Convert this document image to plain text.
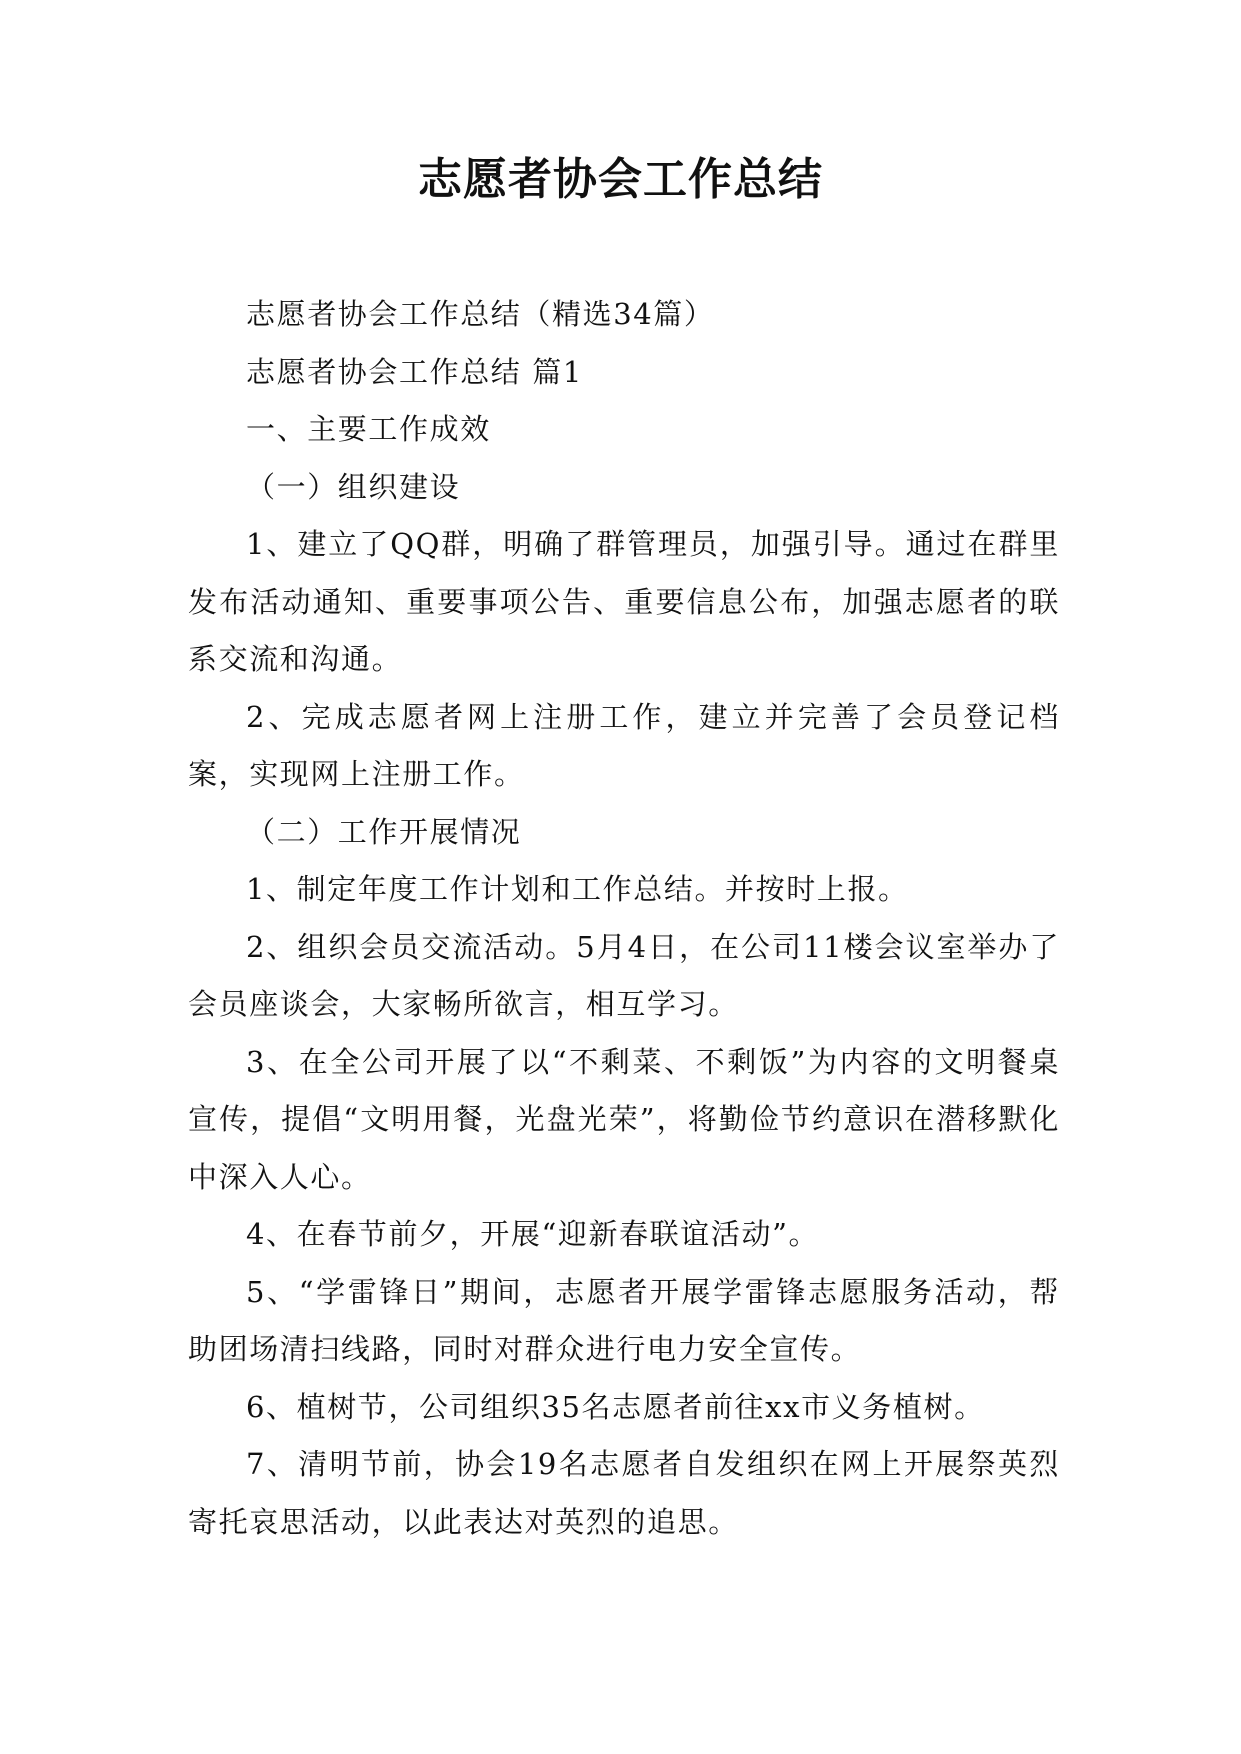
志愿者协会工作总结

志愿者协会工作总结（精选34篇）

志愿者协会工作总结 篇1

一、主要工作成效

（一）组织建设

1、建立了QQ群，明确了群管理员，加强引导。通过在群里发布活动通知、重要事项公告、重要信息公布，加强志愿者的联系交流和沟通。

2、完成志愿者网上注册工作，建立并完善了会员登记档案，实现网上注册工作。

（二）工作开展情况

1、制定年度工作计划和工作总结。并按时上报。

2、组织会员交流活动。5月4日，在公司11楼会议室举办了会员座谈会，大家畅所欲言，相互学习。

3、在全公司开展了以“不剩菜、不剩饭”为内容的文明餐桌宣传，提倡“文明用餐，光盘光荣”，将勤俭节约意识在潜移默化中深入人心。

4、在春节前夕，开展“迎新春联谊活动”。

5、“学雷锋日”期间，志愿者开展学雷锋志愿服务活动，帮助团场清扫线路，同时对群众进行电力安全宣传。

6、植树节，公司组织35名志愿者前往xx市义务植树。

7、清明节前，协会19名志愿者自发组织在网上开展祭英烈寄托哀思活动，以此表达对英烈的追思。
